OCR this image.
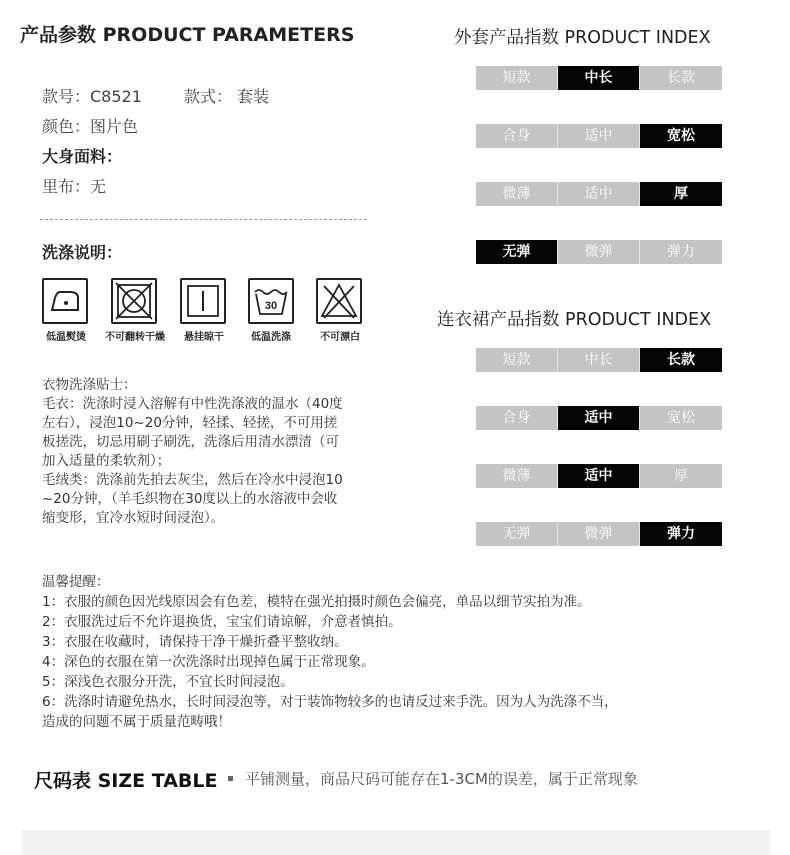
产品参数 PRODUCT PARAMETERS
款号：C8521	款式： 套装
颜色：图片色
大身面料：
里布：无
洗涤说明：
低温熨烫	不可翻转干燥	悬挂晾干
30
低温洗涤	不可漂白
衣物洗涤贴士：
毛衣：洗涤时浸入溶解有中性洗涤液的温水（40度
左右），浸泡10~20分钟，轻揉、轻搓，不可用搓
板搓洗，切忌用刷子刷洗，洗涤后用清水漂清（可
加入适量的柔软剂）；
毛绒类：洗涤前先拍去灰尘，然后在冷水中浸泡10
~20分钟，（羊毛织物在30度以上的水溶液中会收
缩变形，宜冷水短时间浸泡）。
温馨提醒：
1：衣服的颜色因光线原因会有色差，模特在强光拍摄时颜色会偏亮，单品以细节实拍为准。
2：衣服洗过后不允许退换货，宝宝们请谅解，介意者慎拍。
3：衣服在收藏时，请保持干净干燥折叠平整收纳。
4：深色的衣服在第一次洗涤时出现掉色属于正常现象。
5：深浅色衣服分开洗，不宜长时间浸泡。
6：洗涤时请避免热水，长时间浸泡等，对于装饰物较多的也请反过来手洗。因为人为洗涤不当，
造成的问题不属于质量范畴哦！
尺码表 SIZE TABLE 平铺测量，商品尺码可能存在1-3CM的误差，属于正常现象
外套产品指数 PRODUCT INDEX
短款	中长	长款
合身	适中	宽松
微薄	适中	厚
无弹	微弹	弹力
连衣裙产品指数 PRODUCT INDEX
短款	中长	长款
合身	适中	宽松
微薄	适中	厚
无弹	微弹	弹力
